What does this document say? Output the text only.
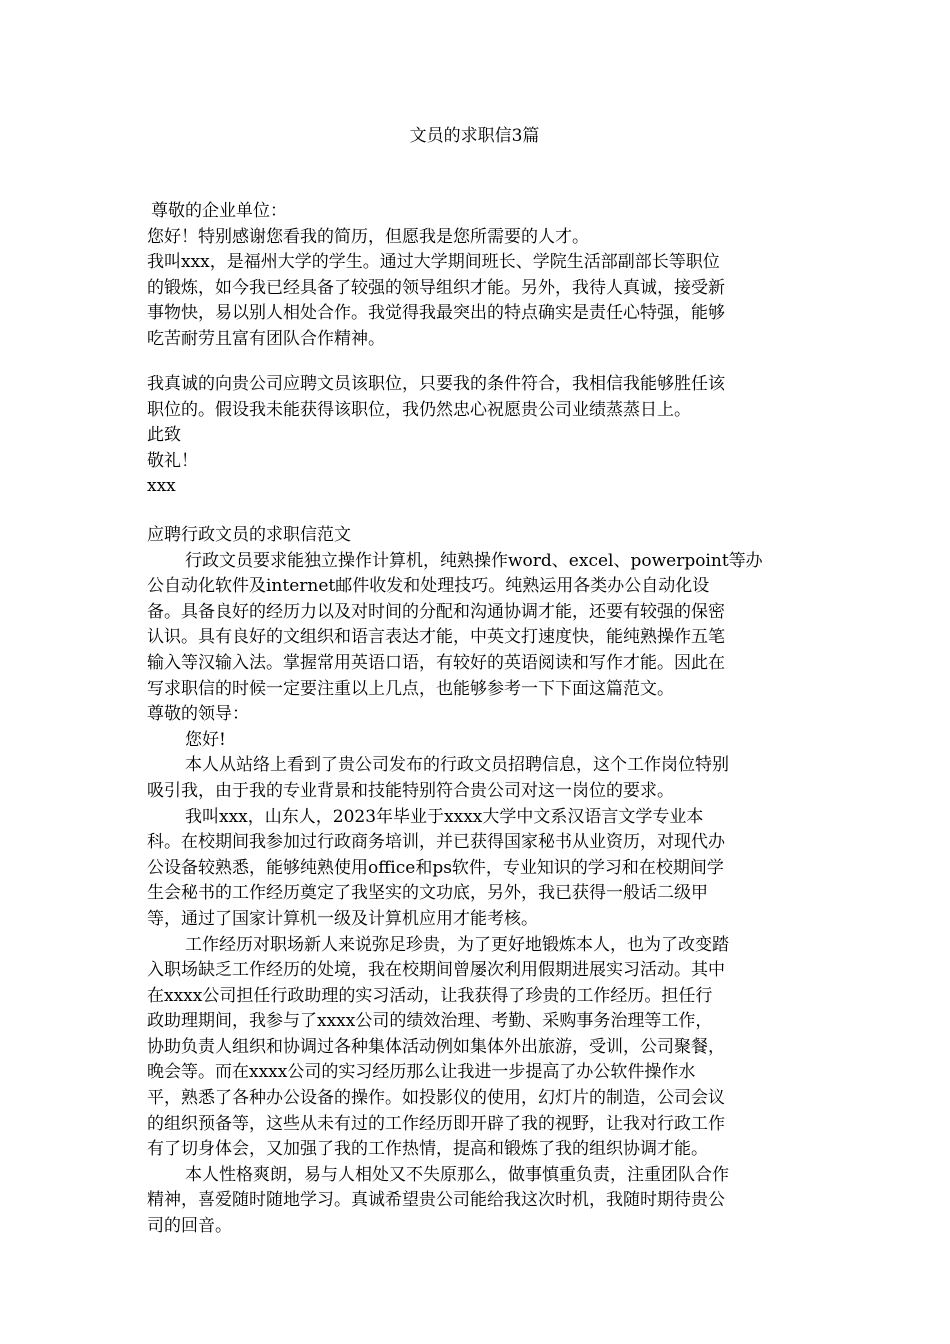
文员的求职信3篇
尊敬的企业单位：
您好！特别感谢您看我的简历，但愿我是您所需要的人才。
我叫xxx，是福州大学的学生。通过大学期间班长、学院生活部副部长等职位
的锻炼，如今我已经具备了较强的领导组织才能。另外，我待人真诚，接受新
事物快，易以别人相处合作。我觉得我最突出的特点确实是责任心特强，能够
吃苦耐劳且富有团队合作精神。
我真诚的向贵公司应聘文员该职位，只要我的条件符合，我相信我能够胜任该
职位的。假设我未能获得该职位，我仍然忠心祝愿贵公司业绩蒸蒸日上。
此致
敬礼！
xxx
应聘行政文员的求职信范文
行政文员要求能独立操作计算机，纯熟操作word、excel、powerpoint等办
公自动化软件及internet邮件收发和处理技巧。纯熟运用各类办公自动化设
备。具备良好的经历力以及对时间的分配和沟通协调才能，还要有较强的保密
认识。具有良好的文组织和语言表达才能，中英文打速度快，能纯熟操作五笔
输入等汉输入法。掌握常用英语口语，有较好的英语阅读和写作才能。因此在
写求职信的时候一定要注重以上几点，也能够参考一下下面这篇范文。
尊敬的领导：
您好!
本人从站络上看到了贵公司发布的行政文员招聘信息，这个工作岗位特别
吸引我，由于我的专业背景和技能特别符合贵公司对这一岗位的要求。
我叫xxx，山东人，2023年毕业于xxxx大学中文系汉语言文学专业本
科。在校期间我参加过行政商务培训，并已获得国家秘书从业资历，对现代办
公设备较熟悉，能够纯熟使用office和ps软件，专业知识的学习和在校期间学
生会秘书的工作经历奠定了我坚实的文功底，另外，我已获得一般话二级甲
等，通过了国家计算机一级及计算机应用才能考核。
工作经历对职场新人来说弥足珍贵，为了更好地锻炼本人，也为了改变踏
入职场缺乏工作经历的处境，我在校期间曾屡次利用假期进展实习活动。其中
在xxxx公司担任行政助理的实习活动，让我获得了珍贵的工作经历。担任行
政助理期间，我参与了xxxx公司的绩效治理、考勤、采购事务治理等工作，
协助负责人组织和协调过各种集体活动例如集体外出旅游，受训，公司聚餐，
晚会等。而在xxxx公司的实习经历那么让我进一步提高了办公软件操作水
平，熟悉了各种办公设备的操作。如投影仪的使用，幻灯片的制造，公司会议
的组织预备等，这些从未有过的工作经历即开辟了我的视野，让我对行政工作
有了切身体会，又加强了我的工作热情，提高和锻炼了我的组织协调才能。
本人性格爽朗，易与人相处又不失原那么，做事慎重负责，注重团队合作
精神，喜爱随时随地学习。真诚希望贵公司能给我这次时机，我随时期待贵公
司的回音。
